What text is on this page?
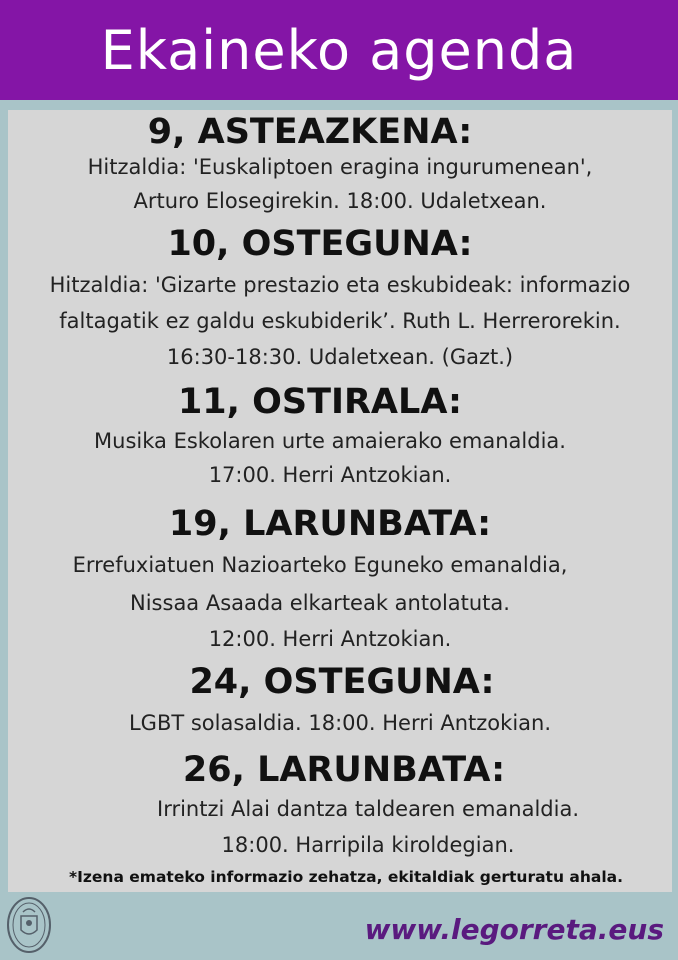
Ekaineko agenda
9, ASTEAZKENA:
Hitzaldia: 'Euskaliptoen eragina ingurumenean',
Arturo Elosegirekin. 18:00. Udaletxean.
10, OSTEGUNA:
Hitzaldia: 'Gizarte prestazio eta eskubideak: informazio
faltagatik ez galdu eskubiderik’. Ruth L. Herrerorekin.
16:30-18:30. Udaletxean. (Gazt.)
11, OSTIRALA:
Musika Eskolaren urte amaierako emanaldia.
17:00. Herri Antzokian.
19, LARUNBATA:
Errefuxiatuen Nazioarteko Eguneko emanaldia,
Nissaa Asaada elkarteak antolatuta.
12:00. Herri Antzokian.
24, OSTEGUNA:
LGBT solasaldia. 18:00. Herri Antzokian.
26, LARUNBATA:
Irrintzi Alai dantza taldearen emanaldia.
18:00. Harripila kiroldegian.
*Izena emateko informazio zehatza, ekitaldiak gerturatu ahala.
www.legorreta.eus
